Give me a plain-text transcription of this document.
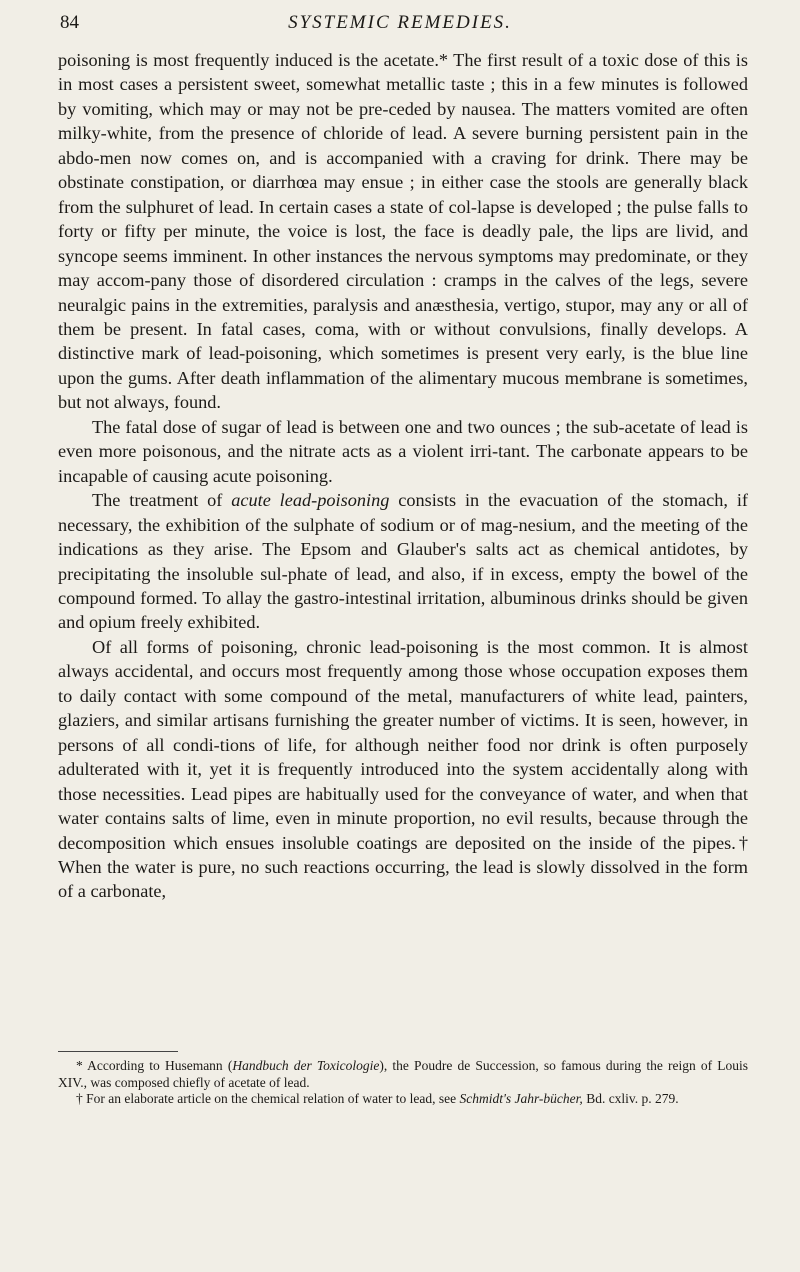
84	SYSTEMIC REMEDIES.

poisoning is most frequently induced is the acetate.* The first result of a toxic dose of this is in most cases a persistent sweet, somewhat metallic taste ; this in a few minutes is followed by vomiting, which may or may not be pre-ceded by nausea. The matters vomited are often milky-white, from the presence of chloride of lead. A severe burning persistent pain in the abdo-men now comes on, and is accompanied with a craving for drink. There may be obstinate constipation, or diarrhœa may ensue ; in either case the stools are generally black from the sulphuret of lead. In certain cases a state of col-lapse is developed ; the pulse falls to forty or fifty per minute, the voice is lost, the face is deadly pale, the lips are livid, and syncope seems imminent. In other instances the nervous symptoms may predominate, or they may accom-pany those of disordered circulation : cramps in the calves of the legs, severe neuralgic pains in the extremities, paralysis and anæsthesia, vertigo, stupor, may any or all of them be present. In fatal cases, coma, with or without convulsions, finally develops. A distinctive mark of lead-poisoning, which sometimes is present very early, is the blue line upon the gums. After death inflammation of the alimentary mucous membrane is sometimes, but not always, found.

The fatal dose of sugar of lead is between one and two ounces ; the sub-acetate of lead is even more poisonous, and the nitrate acts as a violent irri-tant. The carbonate appears to be incapable of causing acute poisoning.

The treatment of acute lead-poisoning consists in the evacuation of the stomach, if necessary, the exhibition of the sulphate of sodium or of mag-nesium, and the meeting of the indications as they arise. The Epsom and Glauber's salts act as chemical antidotes, by precipitating the insoluble sul-phate of lead, and also, if in excess, empty the bowel of the compound formed. To allay the gastro-intestinal irritation, albuminous drinks should be given and opium freely exhibited.

Of all forms of poisoning, chronic lead-poisoning is the most common. It is almost always accidental, and occurs most frequently among those whose occupation exposes them to daily contact with some compound of the metal, manufacturers of white lead, painters, glaziers, and similar artisans furnishing the greater number of victims. It is seen, however, in persons of all condi-tions of life, for although neither food nor drink is often purposely adulterated with it, yet it is frequently introduced into the system accidentally along with those necessities. Lead pipes are habitually used for the conveyance of water, and when that water contains salts of lime, even in minute proportion, no evil results, because through the decomposition which ensues insoluble coatings are deposited on the inside of the pipes.† When the water is pure, no such reactions occurring, the lead is slowly dissolved in the form of a carbonate,

* According to Husemann (Handbuch der Toxicologie), the Poudre de Succession, so famous during the reign of Louis XIV., was composed chiefly of acetate of lead.

† For an elaborate article on the chemical relation of water to lead, see Schmidt's Jahr-bücher, Bd. cxliv. p. 279.
